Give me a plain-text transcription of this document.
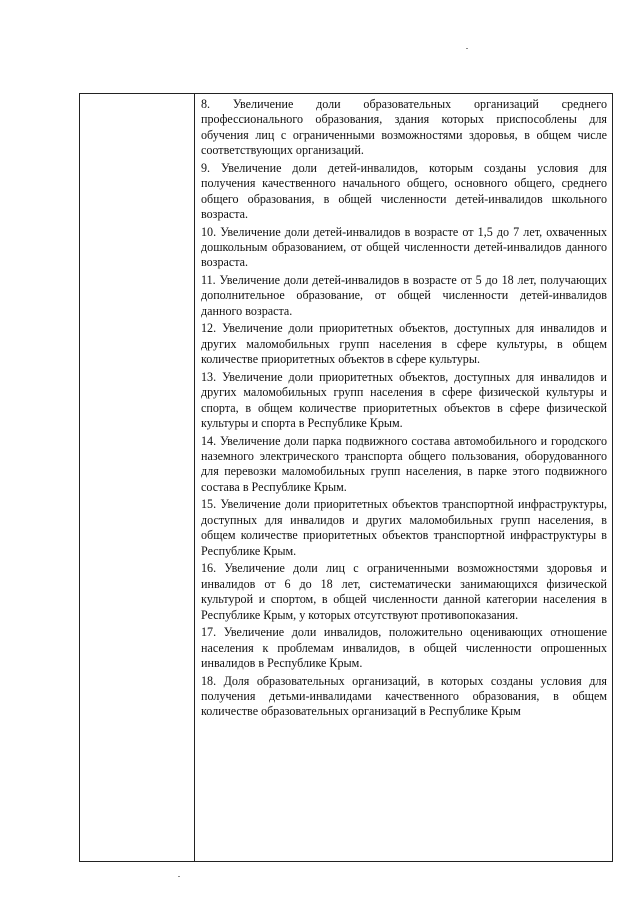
8. Увеличение доли образовательных организаций среднего профессионального образования, здания которых приспособлены для обучения лиц с ограниченными возможностями здоровья, в общем числе соответствующих организаций.

9. Увеличение доли детей-инвалидов, которым созданы условия для получения качественного начального общего, основного общего, среднего общего образования, в общей численности детей-инвалидов школьного возраста.

10. Увеличение доли детей-инвалидов в возрасте от 1,5 до 7 лет, охваченных дошкольным образованием, от общей численности детей-инвалидов данного возраста.

11. Увеличение доли детей-инвалидов в возрасте от 5 до 18 лет, получающих дополнительное образование, от общей численности детей-инвалидов данного возраста.

12. Увеличение доли приоритетных объектов, доступных для инвалидов и других маломобильных групп населения в сфере культуры, в общем количестве приоритетных объектов в сфере культуры.

13. Увеличение доли приоритетных объектов, доступных для инвалидов и других маломобильных групп населения в сфере физической культуры и спорта, в общем количестве приоритетных объектов в сфере физической культуры и спорта в Республике Крым.

14. Увеличение доли парка подвижного состава автомобильного и городского наземного электрического транспорта общего пользования, оборудованного для перевозки маломобильных групп населения, в парке этого подвижного состава в Республике Крым.

15. Увеличение доли приоритетных объектов транспортной инфраструктуры, доступных для инвалидов и других маломобильных групп населения, в общем количестве приоритетных объектов транспортной инфраструктуры в Республике Крым.

16. Увеличение доли лиц с ограниченными возможностями здоровья и инвалидов от 6 до 18 лет, систематически занимающихся физической культурой и спортом, в общей численности данной категории населения в Республике Крым, у которых отсутствуют противопоказания.

17. Увеличение доли инвалидов, положительно оценивающих отношение населения к проблемам инвалидов, в общей численности опрошенных инвалидов в Республике Крым.

18. Доля образовательных организаций, в которых созданы условия для получения детьми-инвалидами качественного образования, в общем количестве образовательных организаций в Республике Крым
